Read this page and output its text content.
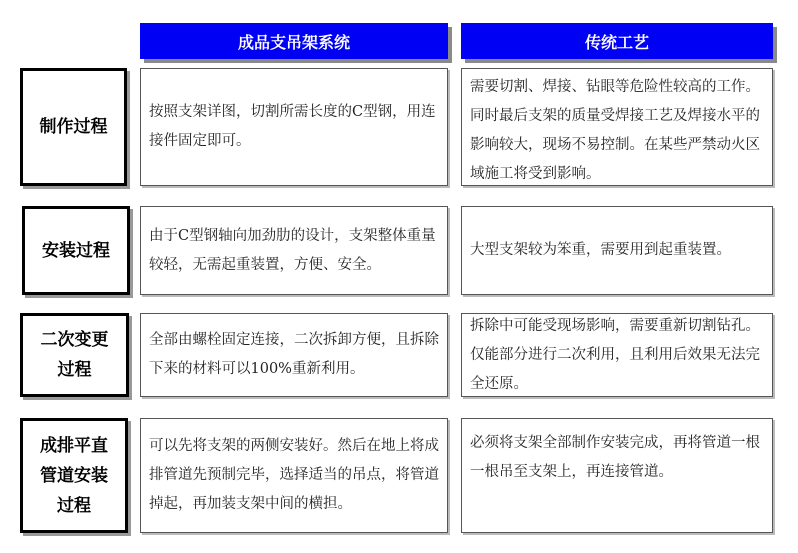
成品支吊架系统	传统工艺
制作过程
按照支架详图，切割所需长度的C型钢，用连接件固定即可。
需要切割、焊接、钻眼等危险性较高的工作。同时最后支架的质量受焊接工艺及焊接水平的影响较大，现场不易控制。在某些严禁动火区域施工将受到影响。
安装过程
由于C型钢轴向加劲肋的设计，支架整体重量较轻，无需起重装置，方便、安全。
大型支架较为笨重，需要用到起重装置。
二次变更过程
全部由螺栓固定连接，二次拆卸方便，且拆除下来的材料可以100%重新利用。
拆除中可能受现场影响，需要重新切割钻孔。仅能部分进行二次利用，且利用后效果无法完全还原。
成排平直管道安装过程
可以先将支架的两侧安装好。然后在地上将成排管道先预制完毕，选择适当的吊点，将管道掉起，再加装支架中间的横担。
必须将支架全部制作安装完成，再将管道一根一根吊至支架上，再连接管道。
